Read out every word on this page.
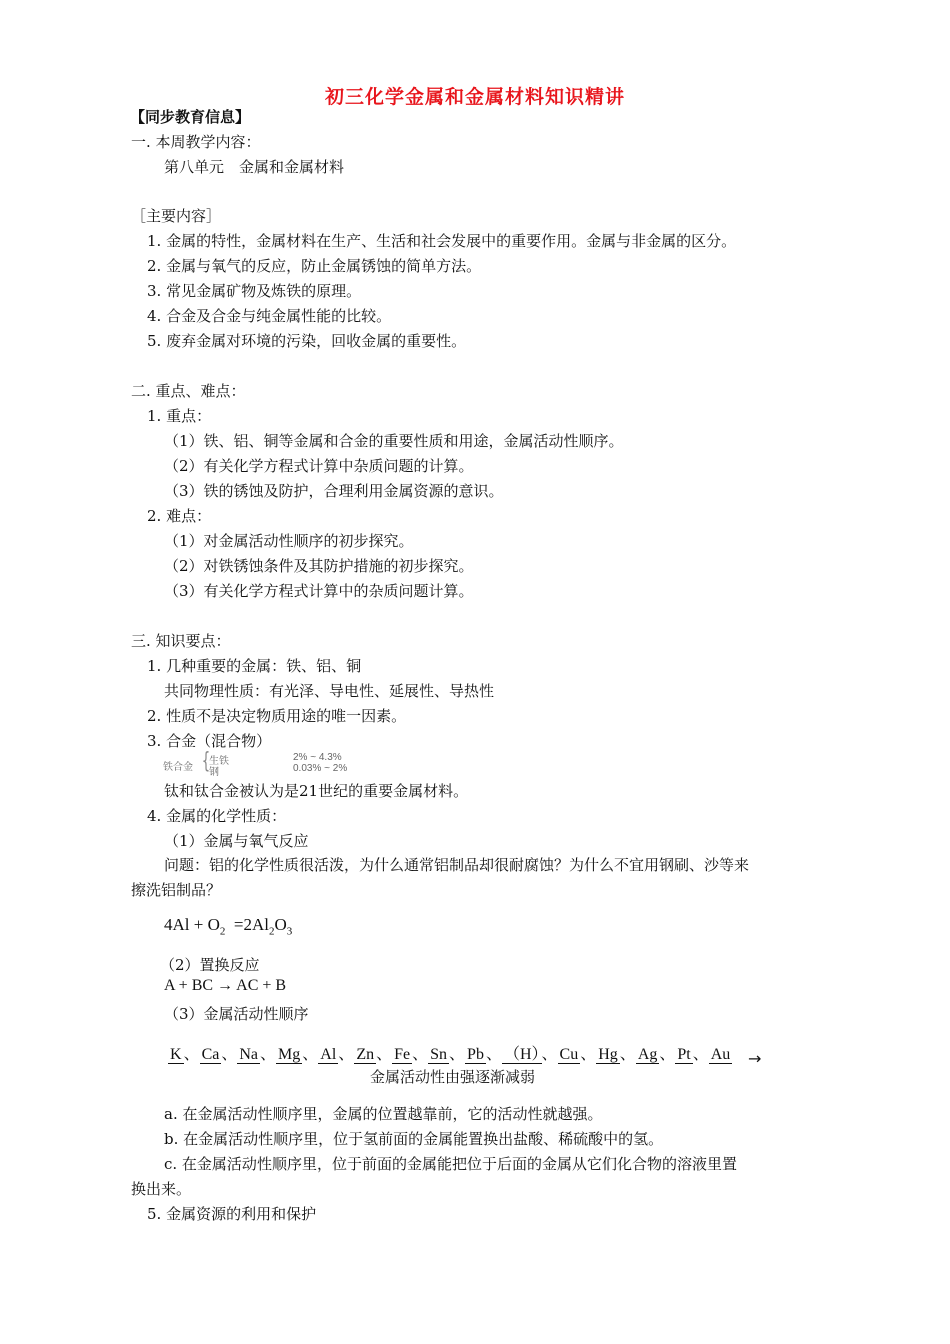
初三化学金属和金属材料知识精讲
【同步教育信息】
一. 本周教学内容：
第八单元　金属和金属材料
［主要内容］
1. 金属的特性，金属材料在生产、生活和社会发展中的重要作用。金属与非金属的区分。
2. 金属与氧气的反应，防止金属锈蚀的简单方法。
3. 常见金属矿物及炼铁的原理。
4. 合金及合金与纯金属性能的比较。
5. 废弃金属对环境的污染，回收金属的重要性。
二. 重点、难点：
1. 重点：
（1）铁、铝、铜等金属和合金的重要性质和用途，金属活动性顺序。
（2）有关化学方程式计算中杂质问题的计算。
（3）铁的锈蚀及防护，合理利用金属资源的意识。
2. 难点：
（1）对金属活动性顺序的初步探究。
（2）对铁锈蚀条件及其防护措施的初步探究。
（3）有关化学方程式计算中的杂质问题计算。
三. 知识要点：
1. 几种重要的金属：铁、铝、铜
共同物理性质：有光泽、导电性、延展性、导热性
2. 性质不是决定物质用途的唯一因素。
3. 合金（混合物）
铁合金 {
生铁	2% ~ 4.3%
钢	0.03% ~ 2%
钛和钛合金被认为是21世纪的重要金属材料。
4. 金属的化学性质：
（1）金属与氧气反应
问题：铝的化学性质很活泼，为什么通常铝制品却很耐腐蚀？为什么不宜用钢刷、沙等来
擦洗铝制品？
$4Al + O_2 =2Al_2O_3$
（2）置换反应
A + BC → AC + B
（3）金属活动性顺序
K 、 Ca 、 Na 、 Mg 、 Al 、 Zn 、 Fe 、 Sn 、 Pb 、 （H） 、 Cu 、 Hg 、 Ag 、 Pt 、 Au →
金属活动性由强逐渐减弱
a. 在金属活动性顺序里，金属的位置越靠前，它的活动性就越强。
b. 在金属活动性顺序里，位于氢前面的金属能置换出盐酸、稀硫酸中的氢。
c. 在金属活动性顺序里，位于前面的金属能把位于后面的金属从它们化合物的溶液里置
换出来。
5. 金属资源的利用和保护
